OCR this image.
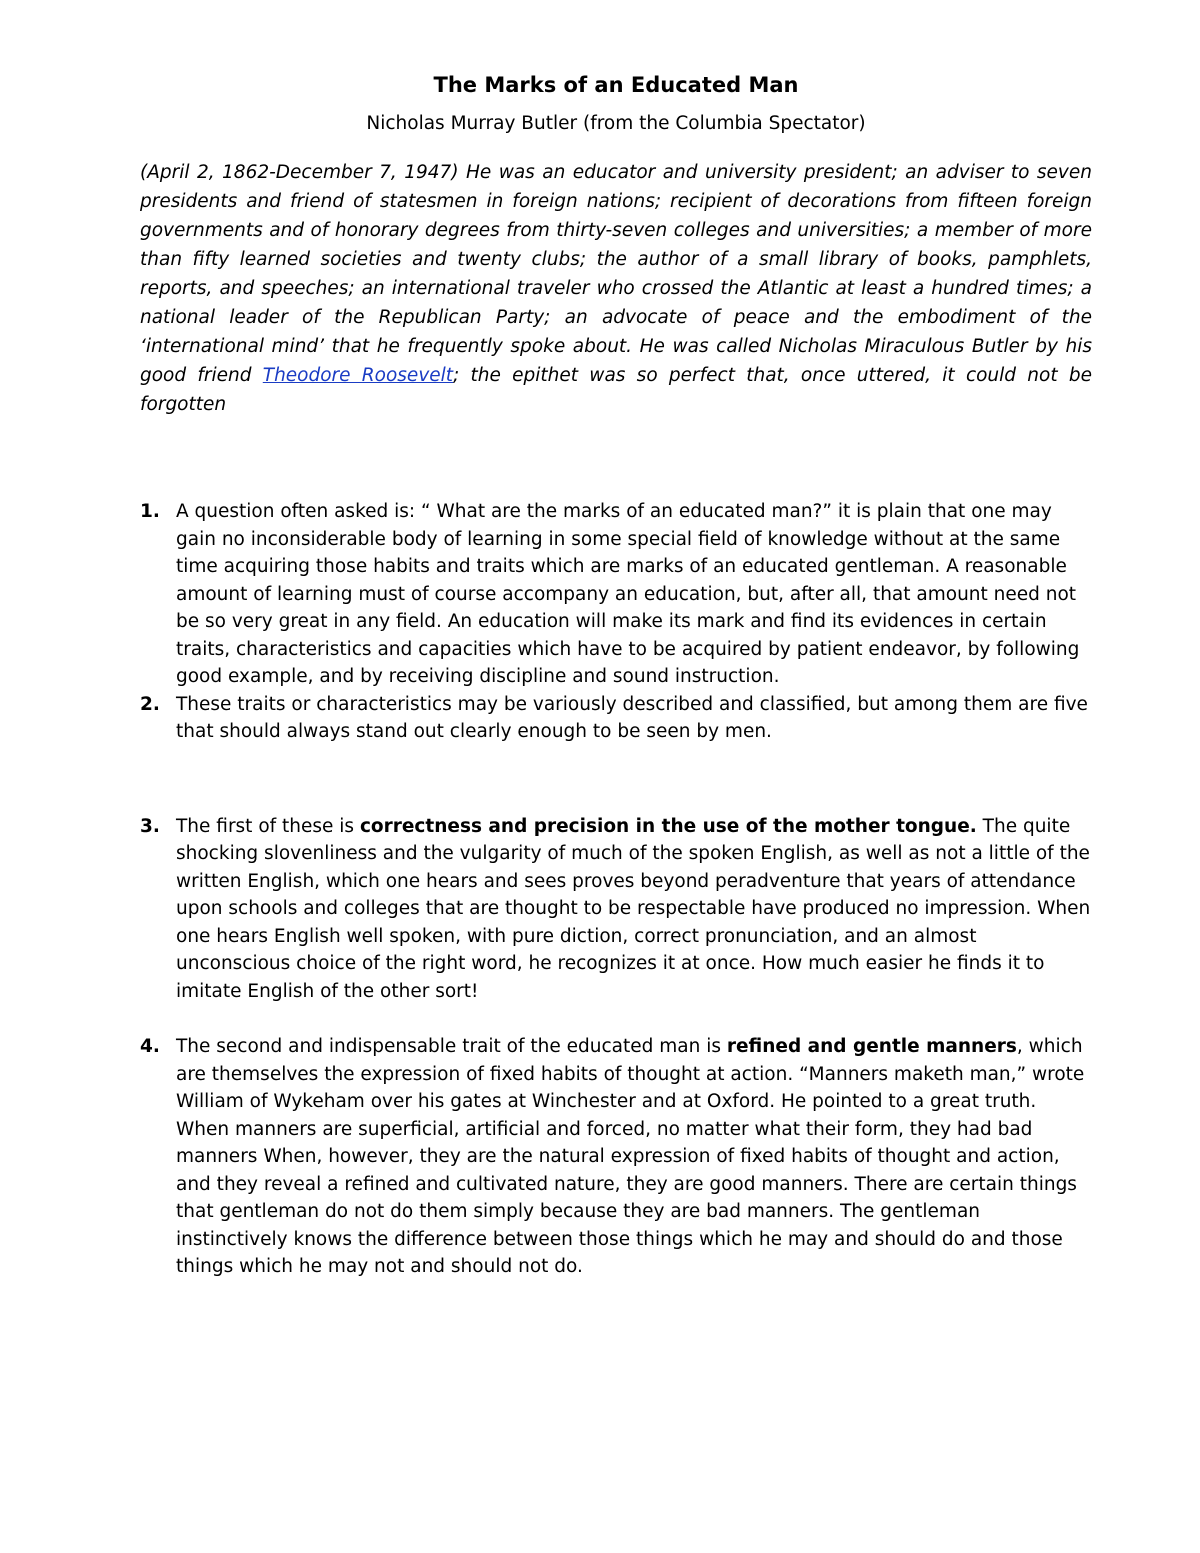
The Marks of an Educated Man

Nicholas Murray Butler (from the Columbia Spectator)

(April 2, 1862-December 7, 1947) He was an educator and university president; an adviser to seven presidents and friend of statesmen in foreign nations; recipient of decorations from fifteen foreign governments and of honorary degrees from thirty-seven colleges and universities; a member of more than fifty learned societies and twenty clubs; the author of a small library of books, pamphlets, reports, and speeches; an international traveler who crossed the Atlantic at least a hundred times; a national leader of the Republican Party; an advocate of peace and the embodiment of the ‘international mind’ that he frequently spoke about. He was called Nicholas Miraculous Butler by his good friend Theodore Roosevelt; the epithet was so perfect that, once uttered, it could not be forgotten

1. A question often asked is: “ What are the marks of an educated man?” it is plain that one may gain no inconsiderable body of learning in some special field of knowledge without at the same time acquiring those habits and traits which are marks of an educated gentleman. A reasonable amount of learning must of course accompany an education, but, after all, that amount need not be so very great in any field. An education will make its mark and find its evidences in certain traits, characteristics and capacities which have to be acquired by patient endeavor, by following good example, and by receiving discipline and sound instruction.
2. These traits or characteristics may be variously described and classified, but among them are five that should always stand out clearly enough to be seen by men.
3. The first of these is correctness and precision in the use of the mother tongue. The quite shocking slovenliness and the vulgarity of much of the spoken English, as well as not a little of the written English, which one hears and sees proves beyond peradventure that years of attendance upon schools and colleges that are thought to be respectable have produced no impression. When one hears English well spoken, with pure diction, correct pronunciation, and an almost unconscious choice of the right word, he recognizes it at once. How much easier he finds it to imitate English of the other sort!
4. The second and indispensable trait of the educated man is refined and gentle manners, which are themselves the expression of fixed habits of thought at action. “Manners maketh man,” wrote William of Wykeham over his gates at Winchester and at Oxford. He pointed to a great truth. When manners are superficial, artificial and forced, no matter what their form, they had bad manners When, however, they are the natural expression of fixed habits of thought and action, and they reveal a refined and cultivated nature, they are good manners. There are certain things that gentleman do not do them simply because they are bad manners. The gentleman instinctively knows the difference between those things which he may and should do and those things which he may not and should not do.
